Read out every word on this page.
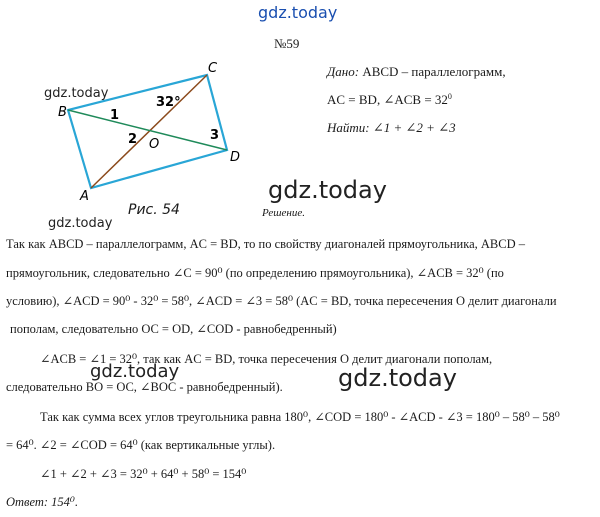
gdz.today
№59
A
B
C
D
O
1
2	3
32°
gdz.today
Рис. 54
gdz.today
Дано: ABCD – параллелограмм,
AC = BD, ∠ACB = $32^0$
Найти: ∠1 + ∠2 + ∠3
gdz.today
Решение.
Так как ABCD – параллелограмм, AC = BD, то по свойству диагоналей прямоугольника, ABCD –
прямоугольник, следовательно ∠C = 90⁰ (по определению прямоугольника), ∠ACB = 32⁰ (по
условию), ∠ACD = 90⁰ - 32⁰ = 58⁰, ∠ACD = ∠3 = 58⁰ (AC = BD, точка пересечения O делит диагонали
пополам, следовательно OC = OD, ∠COD - равнобедренный)
∠ACB = ∠1 = 32⁰, так как AC = BD, точка пересечения O делит диагонали пополам,
следовательно BO = OC, ∠BOC - равнобедренный). gdz.today
gdz.today
Так как сумма всех углов треугольника равна 180⁰, ∠COD = 180⁰ - ∠ACD - ∠3 = 180⁰ – 58⁰ – 58⁰
= 64⁰. ∠2 = ∠COD = 64⁰ (как вертикальные углы).
∠1 + ∠2 + ∠3 = 32⁰ + 64⁰ + 58⁰ = 154⁰
Ответ: 154⁰.
